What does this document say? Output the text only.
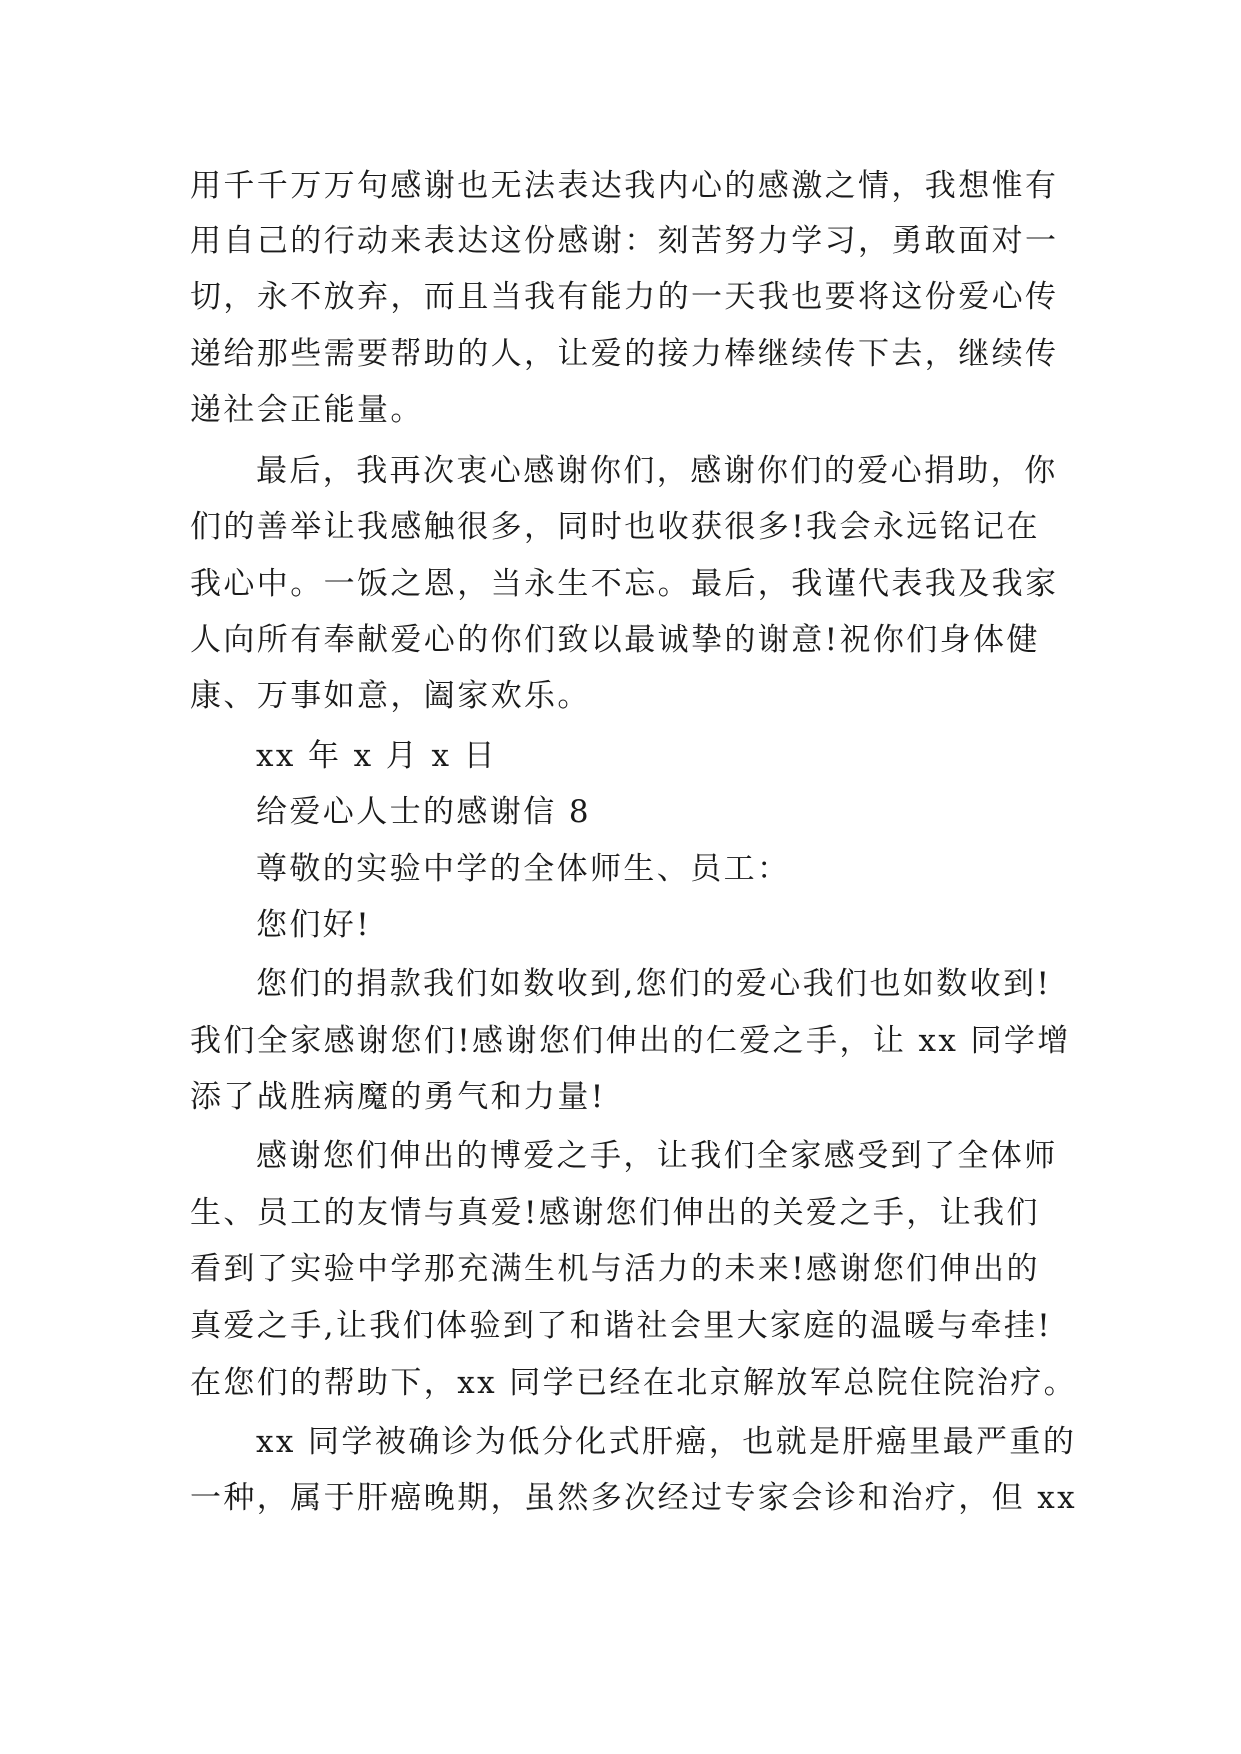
用千千万万句感谢也无法表达我内心的感激之情，我想惟有
用自己的行动来表达这份感谢：刻苦努力学习，勇敢面对一
切，永不放弃，而且当我有能力的一天我也要将这份爱心传
递给那些需要帮助的人，让爱的接力棒继续传下去，继续传
递社会正能量。
最后，我再次衷心感谢你们，感谢你们的爱心捐助，你
们的善举让我感触很多，同时也收获很多!我会永远铭记在
我心中。一饭之恩，当永生不忘。最后，我谨代表我及我家
人向所有奉献爱心的你们致以最诚挚的谢意!祝你们身体健
康、万事如意，阖家欢乐。
xx 年 x 月 x 日
给爱心人士的感谢信 8
尊敬的实验中学的全体师生、员工：
您们好!
您们的捐款我们如数收到,您们的爱心我们也如数收到!
我们全家感谢您们!感谢您们伸出的仁爱之手，让 xx 同学增
添了战胜病魔的勇气和力量!
感谢您们伸出的博爱之手，让我们全家感受到了全体师
生、员工的友情与真爱!感谢您们伸出的关爱之手，让我们
看到了实验中学那充满生机与活力的未来!感谢您们伸出的
真爱之手,让我们体验到了和谐社会里大家庭的温暖与牵挂!
在您们的帮助下，xx 同学已经在北京解放军总院住院治疗。
xx 同学被确诊为低分化式肝癌，也就是肝癌里最严重的
一种，属于肝癌晚期，虽然多次经过专家会诊和治疗，但 xx
